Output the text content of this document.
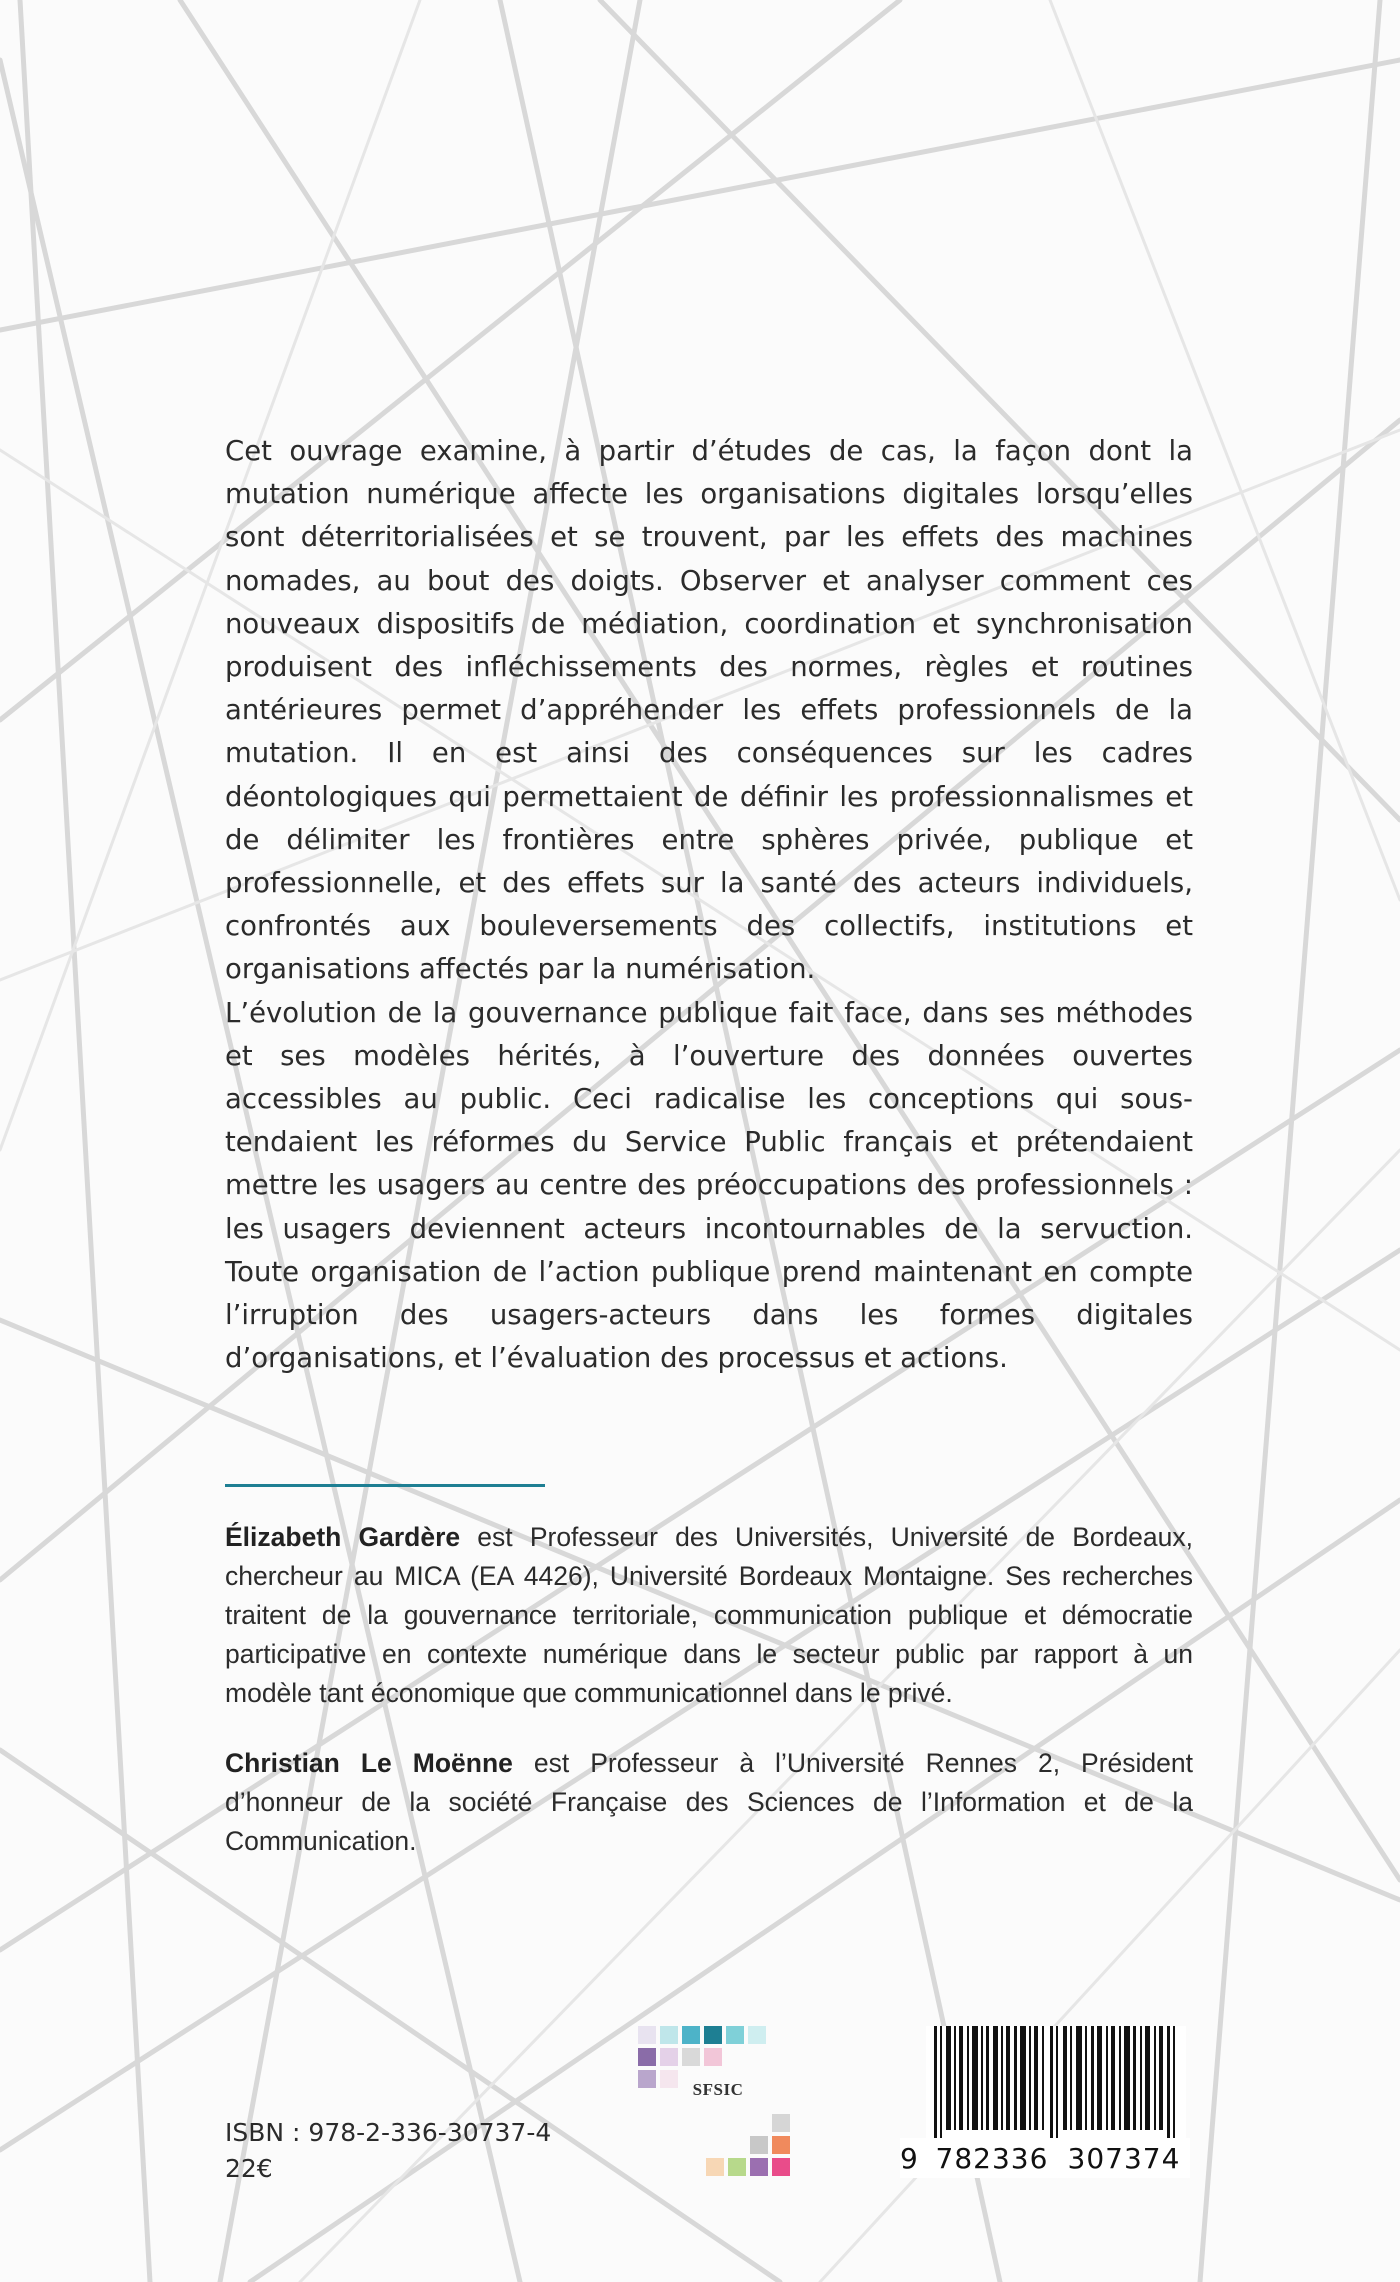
Cet ouvrage examine, à partir d’études de cas, la façon dont la mutation numérique affecte les organisations digitales lorsqu’elles sont déterritorialisées et se trouvent, par les effets des machines nomades, au bout des doigts. Observer et analyser comment ces nouveaux dispositifs de médiation, coordination et synchronisation produisent des infléchissements des normes, règles et routines antérieures permet d’appréhender les effets professionnels de la mutation. Il en est ainsi des conséquences sur les cadres déontologiques qui permettaient de définir les professionnalismes et de délimiter les frontières entre sphères privée, publique et professionnelle, et des effets sur la santé des acteurs individuels, confrontés aux bouleversements des collectifs, institutions et organisations affectés par la numérisation.

L’évolution de la gouvernance publique fait face, dans ses méthodes et ses modèles hérités, à l’ouverture des données ouvertes accessibles au public. Ceci radicalise les conceptions qui sous-tendaient les réformes du Service Public français et prétendaient mettre les usagers au centre des préoccupations des professionnels : les usagers deviennent acteurs incontournables de la servuction. Toute organisation de l’action publique prend maintenant en compte l’irruption des usagers-acteurs dans les formes digitales d’organisations, et l’évaluation des processus et actions.

Élizabeth Gardère est Professeur des Universités, Université de Bordeaux, chercheur au MICA (EA 4426), Université Bordeaux Montaigne. Ses recherches traitent de la gouvernance territoriale, communication publique et démocratie participative en contexte numérique dans le secteur public par rapport à un modèle tant économique que communicationnel dans le privé.

Christian Le Moënne est Professeur à l’Université Rennes 2, Président d’honneur de la société Française des Sciences de l’Information et de la Communication.

ISBN : 978-2-336-30737-4
22€
SFSIC
9 782336 307374
